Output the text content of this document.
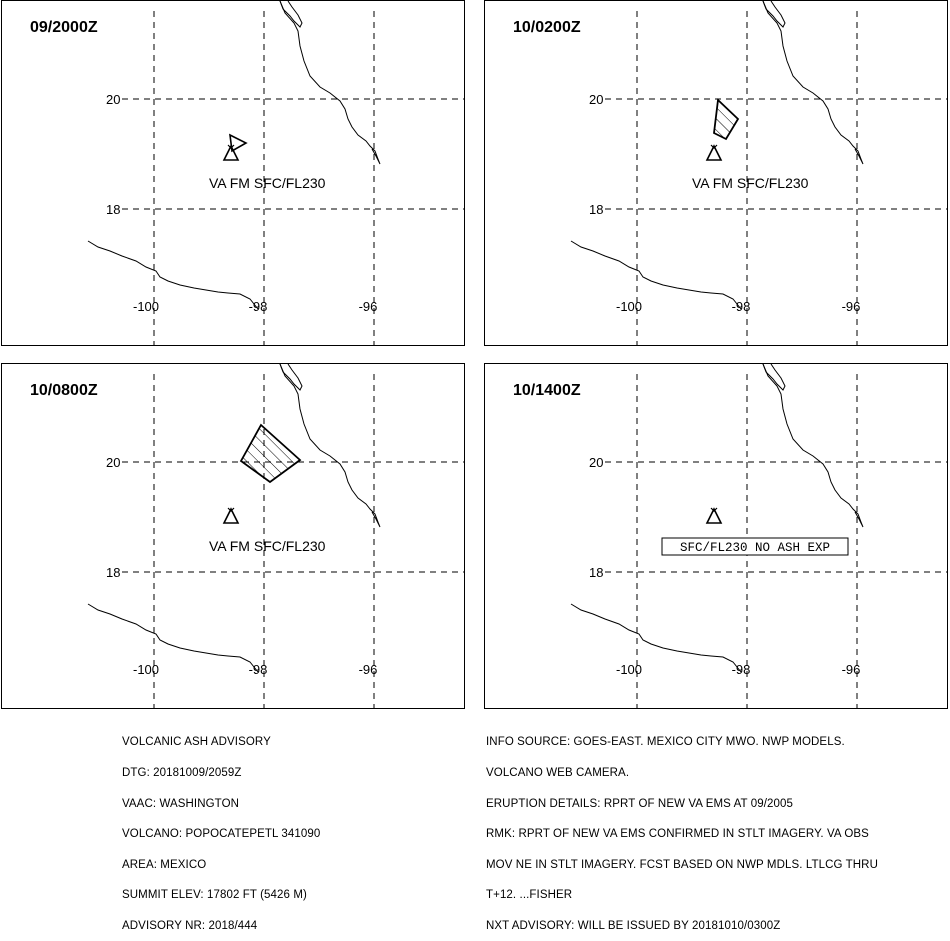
20
18
-100	-98	-96
VA FM SFC/FL230
09/2000Z
20
18
-100	-98	-96
VA FM SFC/FL230
10/0200Z
20
18
-100	-98	-96
VA FM SFC/FL230
10/0800Z
20
18
-100	-98	-96
SFC/FL230 NO ASH EXP
10/1400Z

VOLCANIC ASH ADVISORY

DTG: 20181009/2059Z

VAAC: WASHINGTON

VOLCANO: POPOCATEPETL 341090

AREA: MEXICO

SUMMIT ELEV: 17802 FT (5426 M)

ADVISORY NR: 2018/444

INFO SOURCE: GOES-EAST. MEXICO CITY MWO. NWP MODELS.

VOLCANO WEB CAMERA.

ERUPTION DETAILS: RPRT OF NEW VA EMS AT 09/2005

RMK: RPRT OF NEW VA EMS CONFIRMED IN STLT IMAGERY. VA OBS

MOV NE IN STLT IMAGERY. FCST BASED ON NWP MDLS. LTLCG THRU

T+12. ...FISHER

NXT ADVISORY: WILL BE ISSUED BY 20181010/0300Z
